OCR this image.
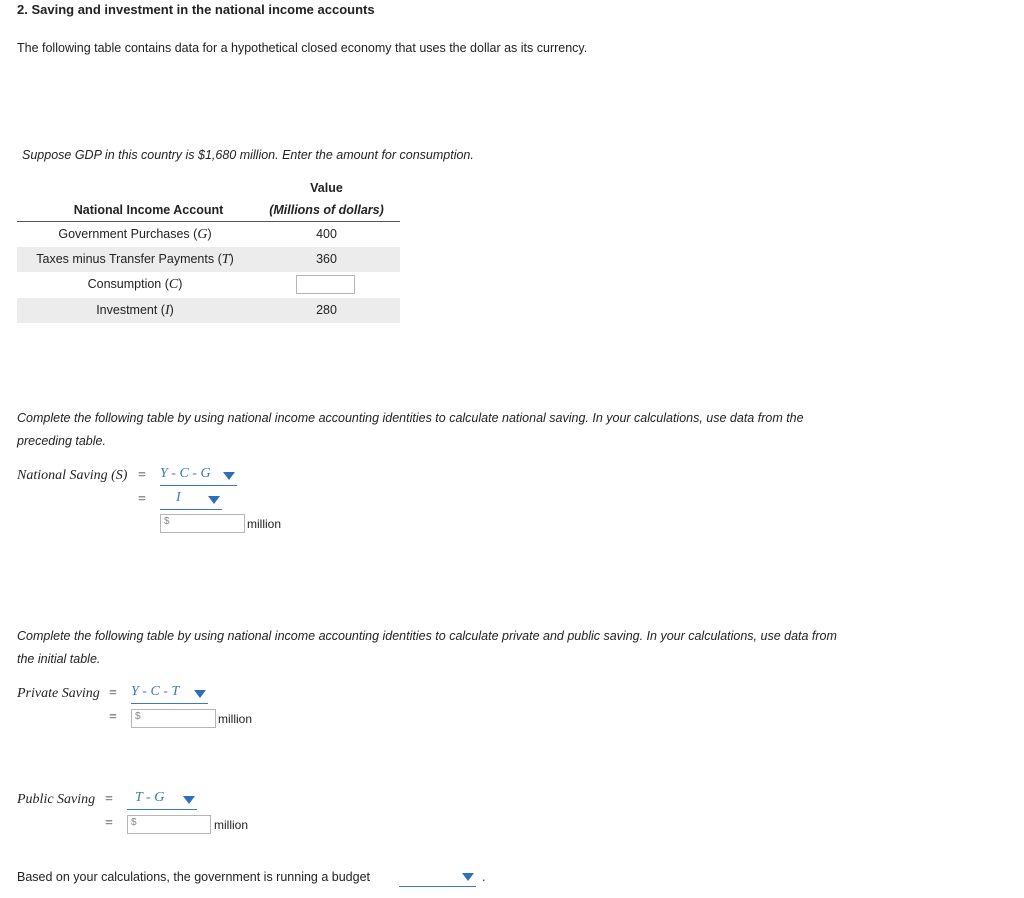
2. Saving and investment in the national income accounts
The following table contains data for a hypothetical closed economy that uses the dollar as its currency.
Suppose GDP in this country is $1,680 million. Enter the amount for consumption.
Value
National Income Account	(Millions of dollars)
Government Purchases (G)	400
Taxes minus Transfer Payments (T)	360
Consumption (C)
Investment (I)	280
Complete the following table by using national income accounting identities to calculate national saving. In your calculations, use data from the
preceding table.
National Saving (S) = Y - C - G
= I
$	million
Complete the following table by using national income accounting identities to calculate private and public saving. In your calculations, use data from
the initial table.
Private Saving = Y - C - T
= $	million
Public Saving = T - G
= $	million
Based on your calculations, the government is running a budget	.
